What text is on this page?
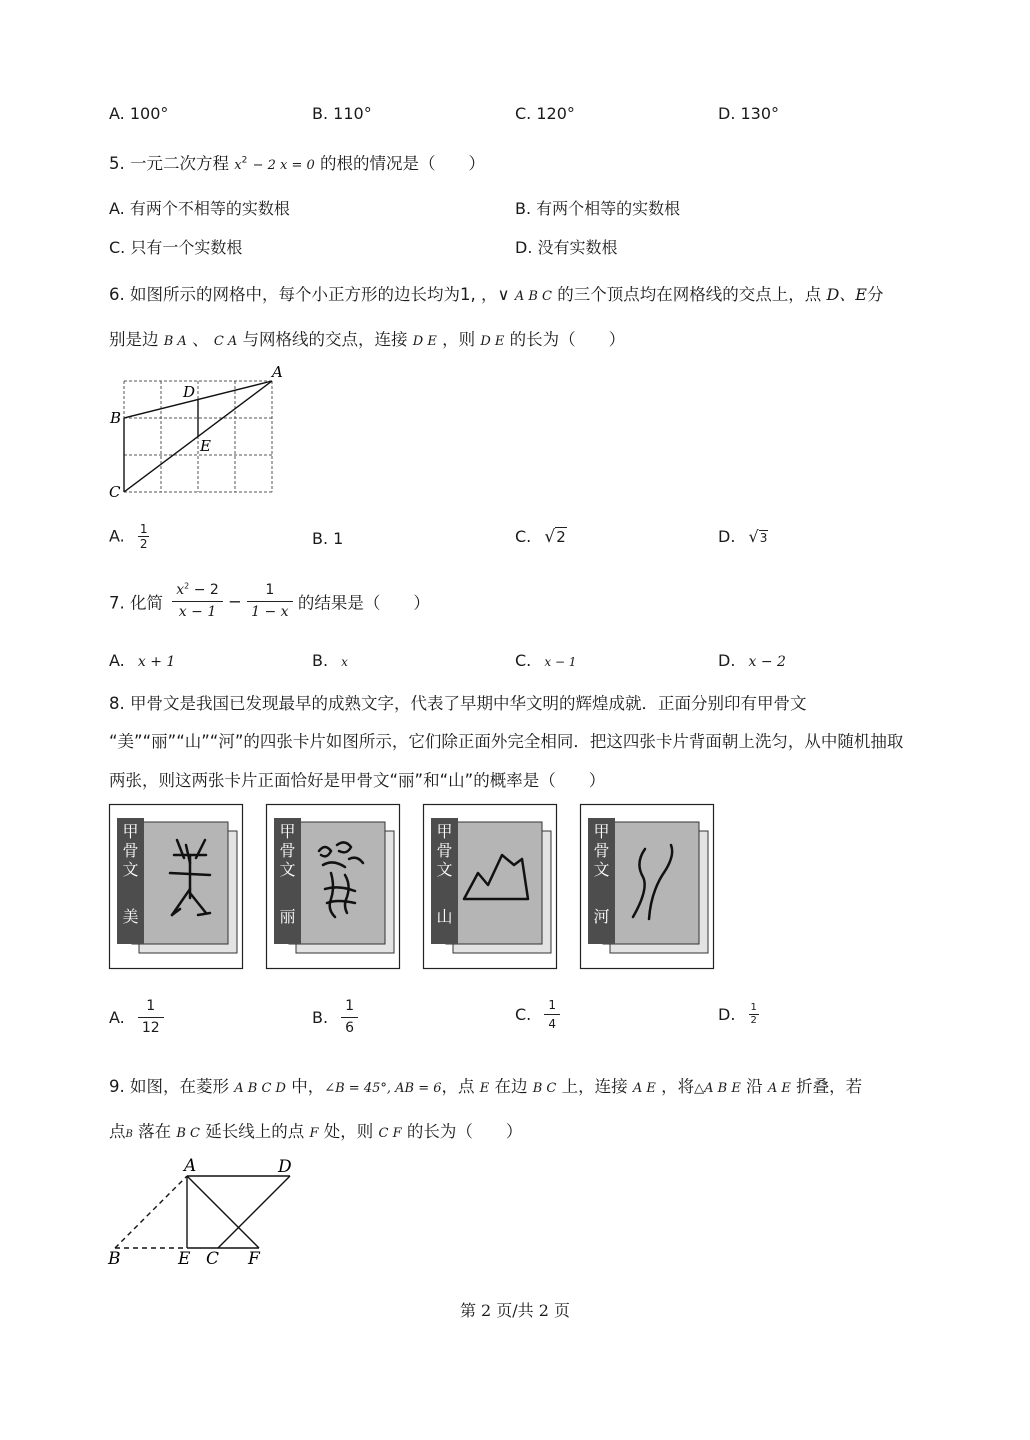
A. 100°	B. 110°	C. 120°	D. 130°
5. 一元二次方程 $x^2 - 2$ x = 0 的根的情况是（　　）
A. 有两个不相等的实数根	B. 有两个相等的实数根
C. 只有一个实数根	D. 没有实数根
6. 如图所示的网格中，每个小正方形的边长均为1, ，∨ A B C 的三个顶点均在网格线的交点上，点 D、E分
别是边 B A 、 C A 与网格线的交点，连接 D E ，则 D E 的长为（　　）
A
B
C
D
E
A. $\frac{1}{2}$	B. 1	C. √2	D. √3
7. 化简 $\frac{x^2 - 2}{x - 1} - \frac{1}{1 - x}$ 的结果是（　　）
A. x + 1	B. x	C. x − 1	D. x − 2
8. 甲骨文是我国已发现最早的成熟文字，代表了早期中华文明的辉煌成就．正面分别印有甲骨文
“美”“丽”“山”“河”的四张卡片如图所示，它们除正面外完全相同．把这四张卡片背面朝上洗匀，从中随机抽取
两张，则这两张卡片正面恰好是甲骨文“丽”和“山”的概率是（　　）
甲
骨
文
美
甲
骨
文
丽
甲
骨
文
山
甲
骨
文
河
A. $\frac{1}{12}$	B. $\frac{1}{6}$	C. $\frac{1}{4}$	D. $\frac{1}{2}$
9. 如图，在菱形 A B C D 中，∠B = 45°, AB = 6，点 E 在边 B C 上，连接 A E ，将△A B E 沿 A E 折叠，若
点B 落在 B C 延长线上的点 F 处，则 C F 的长为（　　）
A	D
B	E C F
第 2 页/共 2 页
